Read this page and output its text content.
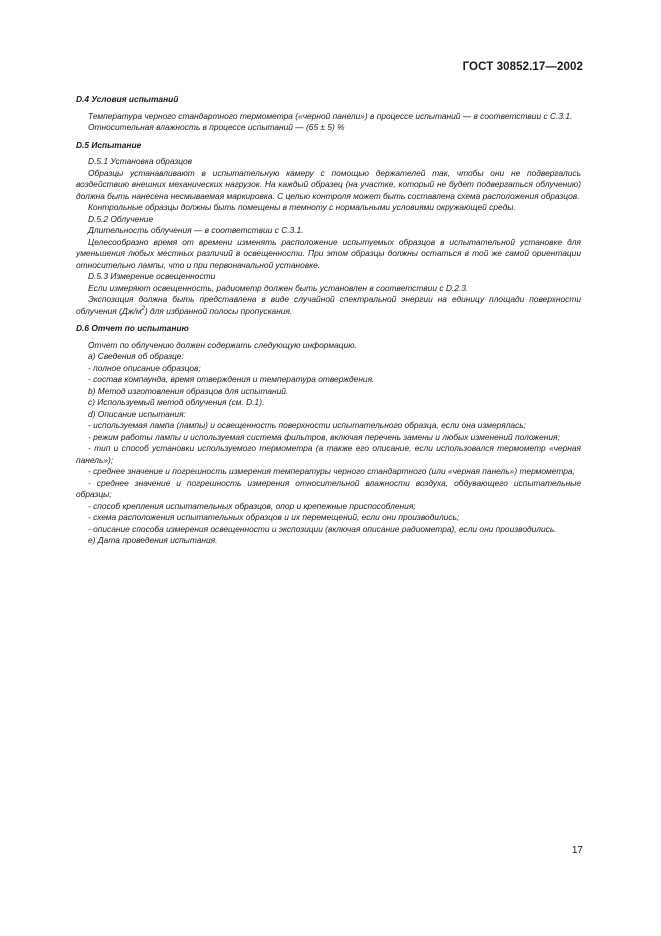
ГОСТ 30852.17—2002

D.4 Условия испытаний

Температура черного стандартного термометра («черной панели») в процессе испытаний — в соответствии с С.3.1.

Относительная влажность в процессе испытаний — (65 ± 5) %

D.5 Испытание

D.5.1 Установка образцов

Образцы устанавливают в испытательную камеру с помощью держателей так, чтобы они не подвергались воздействию внешних механических нагрузок. На каждый образец (на участке, который не будет подвергаться облучению) должна быть нанесена несмываемая маркировка. С целью контроля может быть составлена схема расположения образцов.

Контрольные образцы должны быть помещены в темноту с нормальными условиями окружающей среды.

D.5.2 Облучение

Длительность облучения — в соответствии с С.3.1.

Целесообразно время от времени изменять расположение испытуемых образцов в испытательной установке для уменьшения любых местных различий в освещенности. При этом образцы должны остаться в той же самой ориентации относительно лампы, что и при первоначальной установке.

D.5.3 Измерение освещенности

Если измеряют освещенность, радиометр должен быть установлен в соответствии с D.2.3.

Экспозиция должна быть представлена в виде случайной спектральной энергии на единицу площади поверхности облучения $(Дж/м^2)$ для избранной полосы пропускания.

D.6 Отчет по испытанию

Отчет по облучению должен содержать следующую информацию.

а) Сведения об образце:

- полное описание образцов;

- состав компаунда, время отверждения и температура отверждения.

b) Метод изготовления образцов для испытаний.

с) Используемый метод облучения (см. D.1).

d) Описание испытания:

- используемая лампа (лампы) и освещенность поверхности испытательного образца, если она измерялась;

- режим работы лампы и используемая система фильтров, включая перечень замены и любых изменений положения;

- тип и способ установки используемого термометра (а также его описание, если использовался термометр «черная панель»);

- среднее значение и погрешность измерения температуры черного стандартного (или «черная панель») термометра;

- среднее значение и погрешность измерения относительной влажности воздуха, обдувающего испытательные образцы;

- способ крепления испытательных образцов, опор и крепежные приспособления;

- схема расположения испытательных образцов и их перемещений, если они производились;

- описание способа измерения освещенности и экспозиции (включая описание радиометра), если они производились.

е) Дата проведения испытания.

17
